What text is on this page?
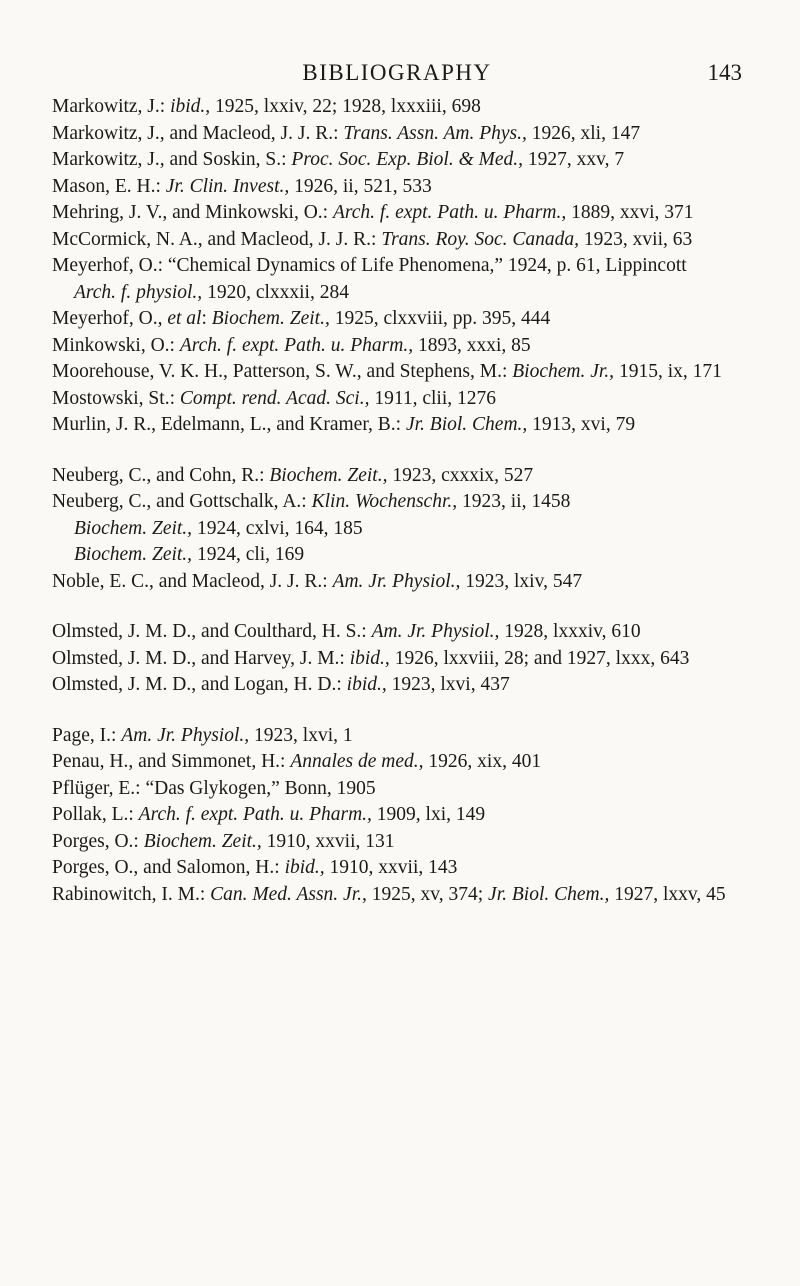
BIBLIOGRAPHY	143

Markowitz, J.: ibid., 1925, lxxiv, 22; 1928, lxxxiii, 698

Markowitz, J., and Macleod, J. J. R.: Trans. Assn. Am. Phys., 1926, xli, 147

Markowitz, J., and Soskin, S.: Proc. Soc. Exp. Biol. & Med., 1927, xxv, 7

Mason, E. H.: Jr. Clin. Invest., 1926, ii, 521, 533

Mehring, J. V., and Minkowski, O.: Arch. f. expt. Path. u. Pharm., 1889, xxvi, 371

McCormick, N. A., and Macleod, J. J. R.: Trans. Roy. Soc. Canada, 1923, xvii, 63

Meyerhof, O.: “Chemical Dynamics of Life Phenomena,” 1924, p. 61, Lippincott

Arch. f. physiol., 1920, clxxxii, 284

Meyerhof, O., et al: Biochem. Zeit., 1925, clxxviii, pp. 395, 444

Minkowski, O.: Arch. f. expt. Path. u. Pharm., 1893, xxxi, 85

Moorehouse, V. K. H., Patterson, S. W., and Stephens, M.: Biochem. Jr., 1915, ix, 171

Mostowski, St.: Compt. rend. Acad. Sci., 1911, clii, 1276

Murlin, J. R., Edelmann, L., and Kramer, B.: Jr. Biol. Chem., 1913, xvi, 79

Neuberg, C., and Cohn, R.: Biochem. Zeit., 1923, cxxxix, 527

Neuberg, C., and Gottschalk, A.: Klin. Wochenschr., 1923, ii, 1458

Biochem. Zeit., 1924, cxlvi, 164, 185

Biochem. Zeit., 1924, cli, 169

Noble, E. C., and Macleod, J. J. R.: Am. Jr. Physiol., 1923, lxiv, 547

Olmsted, J. M. D., and Coulthard, H. S.: Am. Jr. Physiol., 1928, lxxxiv, 610

Olmsted, J. M. D., and Harvey, J. M.: ibid., 1926, lxxviii, 28; and 1927, lxxx, 643

Olmsted, J. M. D., and Logan, H. D.: ibid., 1923, lxvi, 437

Page, I.: Am. Jr. Physiol., 1923, lxvi, 1

Penau, H., and Simmonet, H.: Annales de med., 1926, xix, 401

Pflüger, E.: “Das Glykogen,” Bonn, 1905

Pollak, L.: Arch. f. expt. Path. u. Pharm., 1909, lxi, 149

Porges, O.: Biochem. Zeit., 1910, xxvii, 131

Porges, O., and Salomon, H.: ibid., 1910, xxvii, 143

Rabinowitch, I. M.: Can. Med. Assn. Jr., 1925, xv, 374; Jr. Biol. Chem., 1927, lxxv, 45
